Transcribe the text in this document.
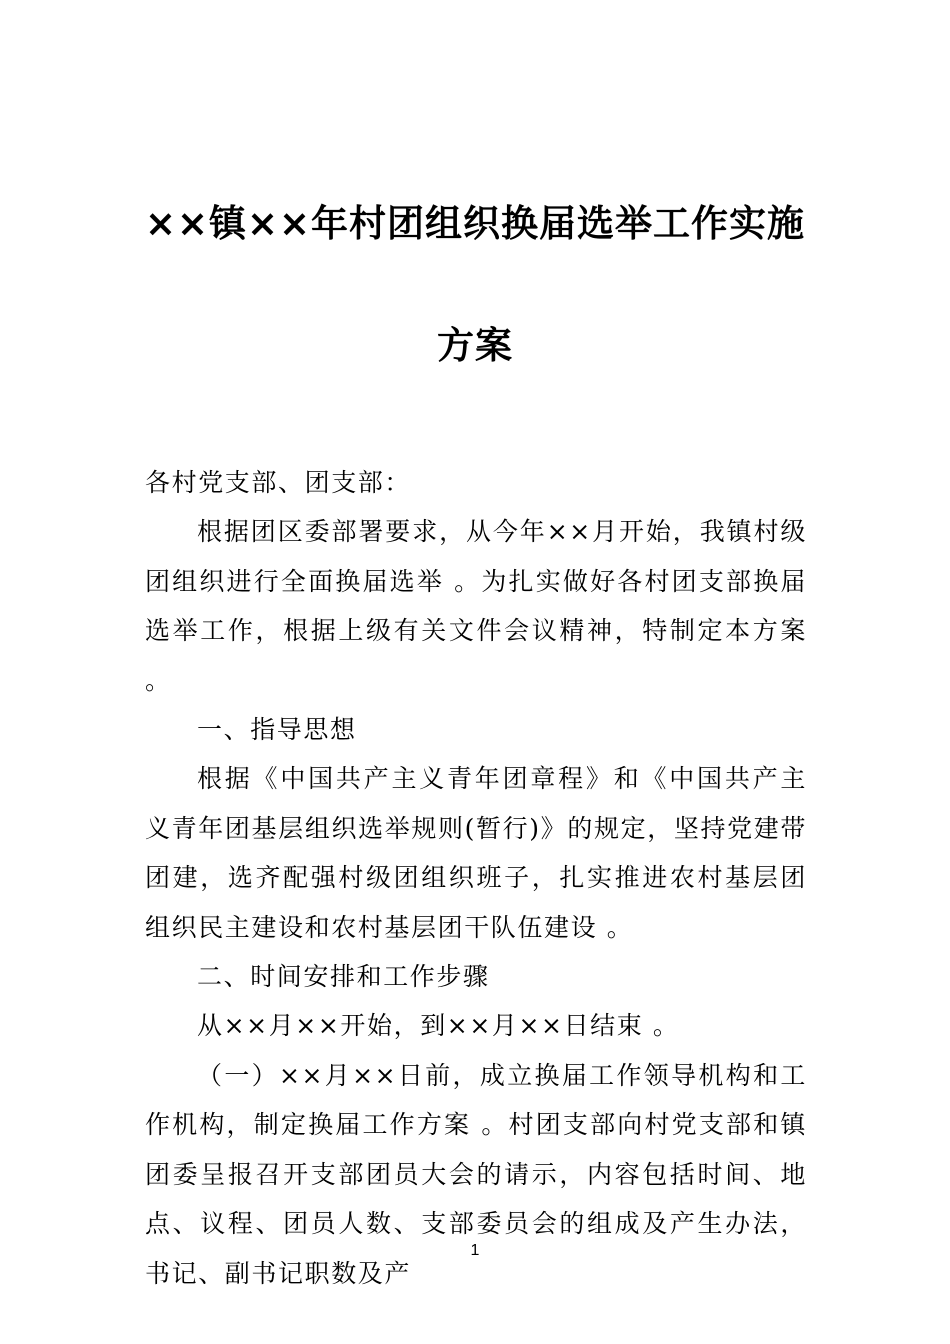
××镇××年村团组织换届选举工作实施
方案

各村党支部、团支部：

根据团区委部署要求，从今年××月开始，我镇村级团组织进行全面换届选举 。为扎实做好各村团支部换届选举工作，根据上级有关文件会议精神，特制定本方案 。

一、指导思想

根据《中国共产主义青年团章程》和《中国共产主义青年团基层组织选举规则(暂行)》的规定，坚持党建带团建，选齐配强村级团组织班子，扎实推进农村基层团组织民主建设和农村基层团干队伍建设 。

二、时间安排和工作步骤

从××月××开始，到××月××日结束 。

（一）××月××日前，成立换届工作领导机构和工作机构，制定换届工作方案 。村团支部向村党支部和镇团委呈报召开支部团员大会的请示，内容包括时间、地点、议程、团员人数、支部委员会的组成及产生办法，书记、副书记职数及产

1
